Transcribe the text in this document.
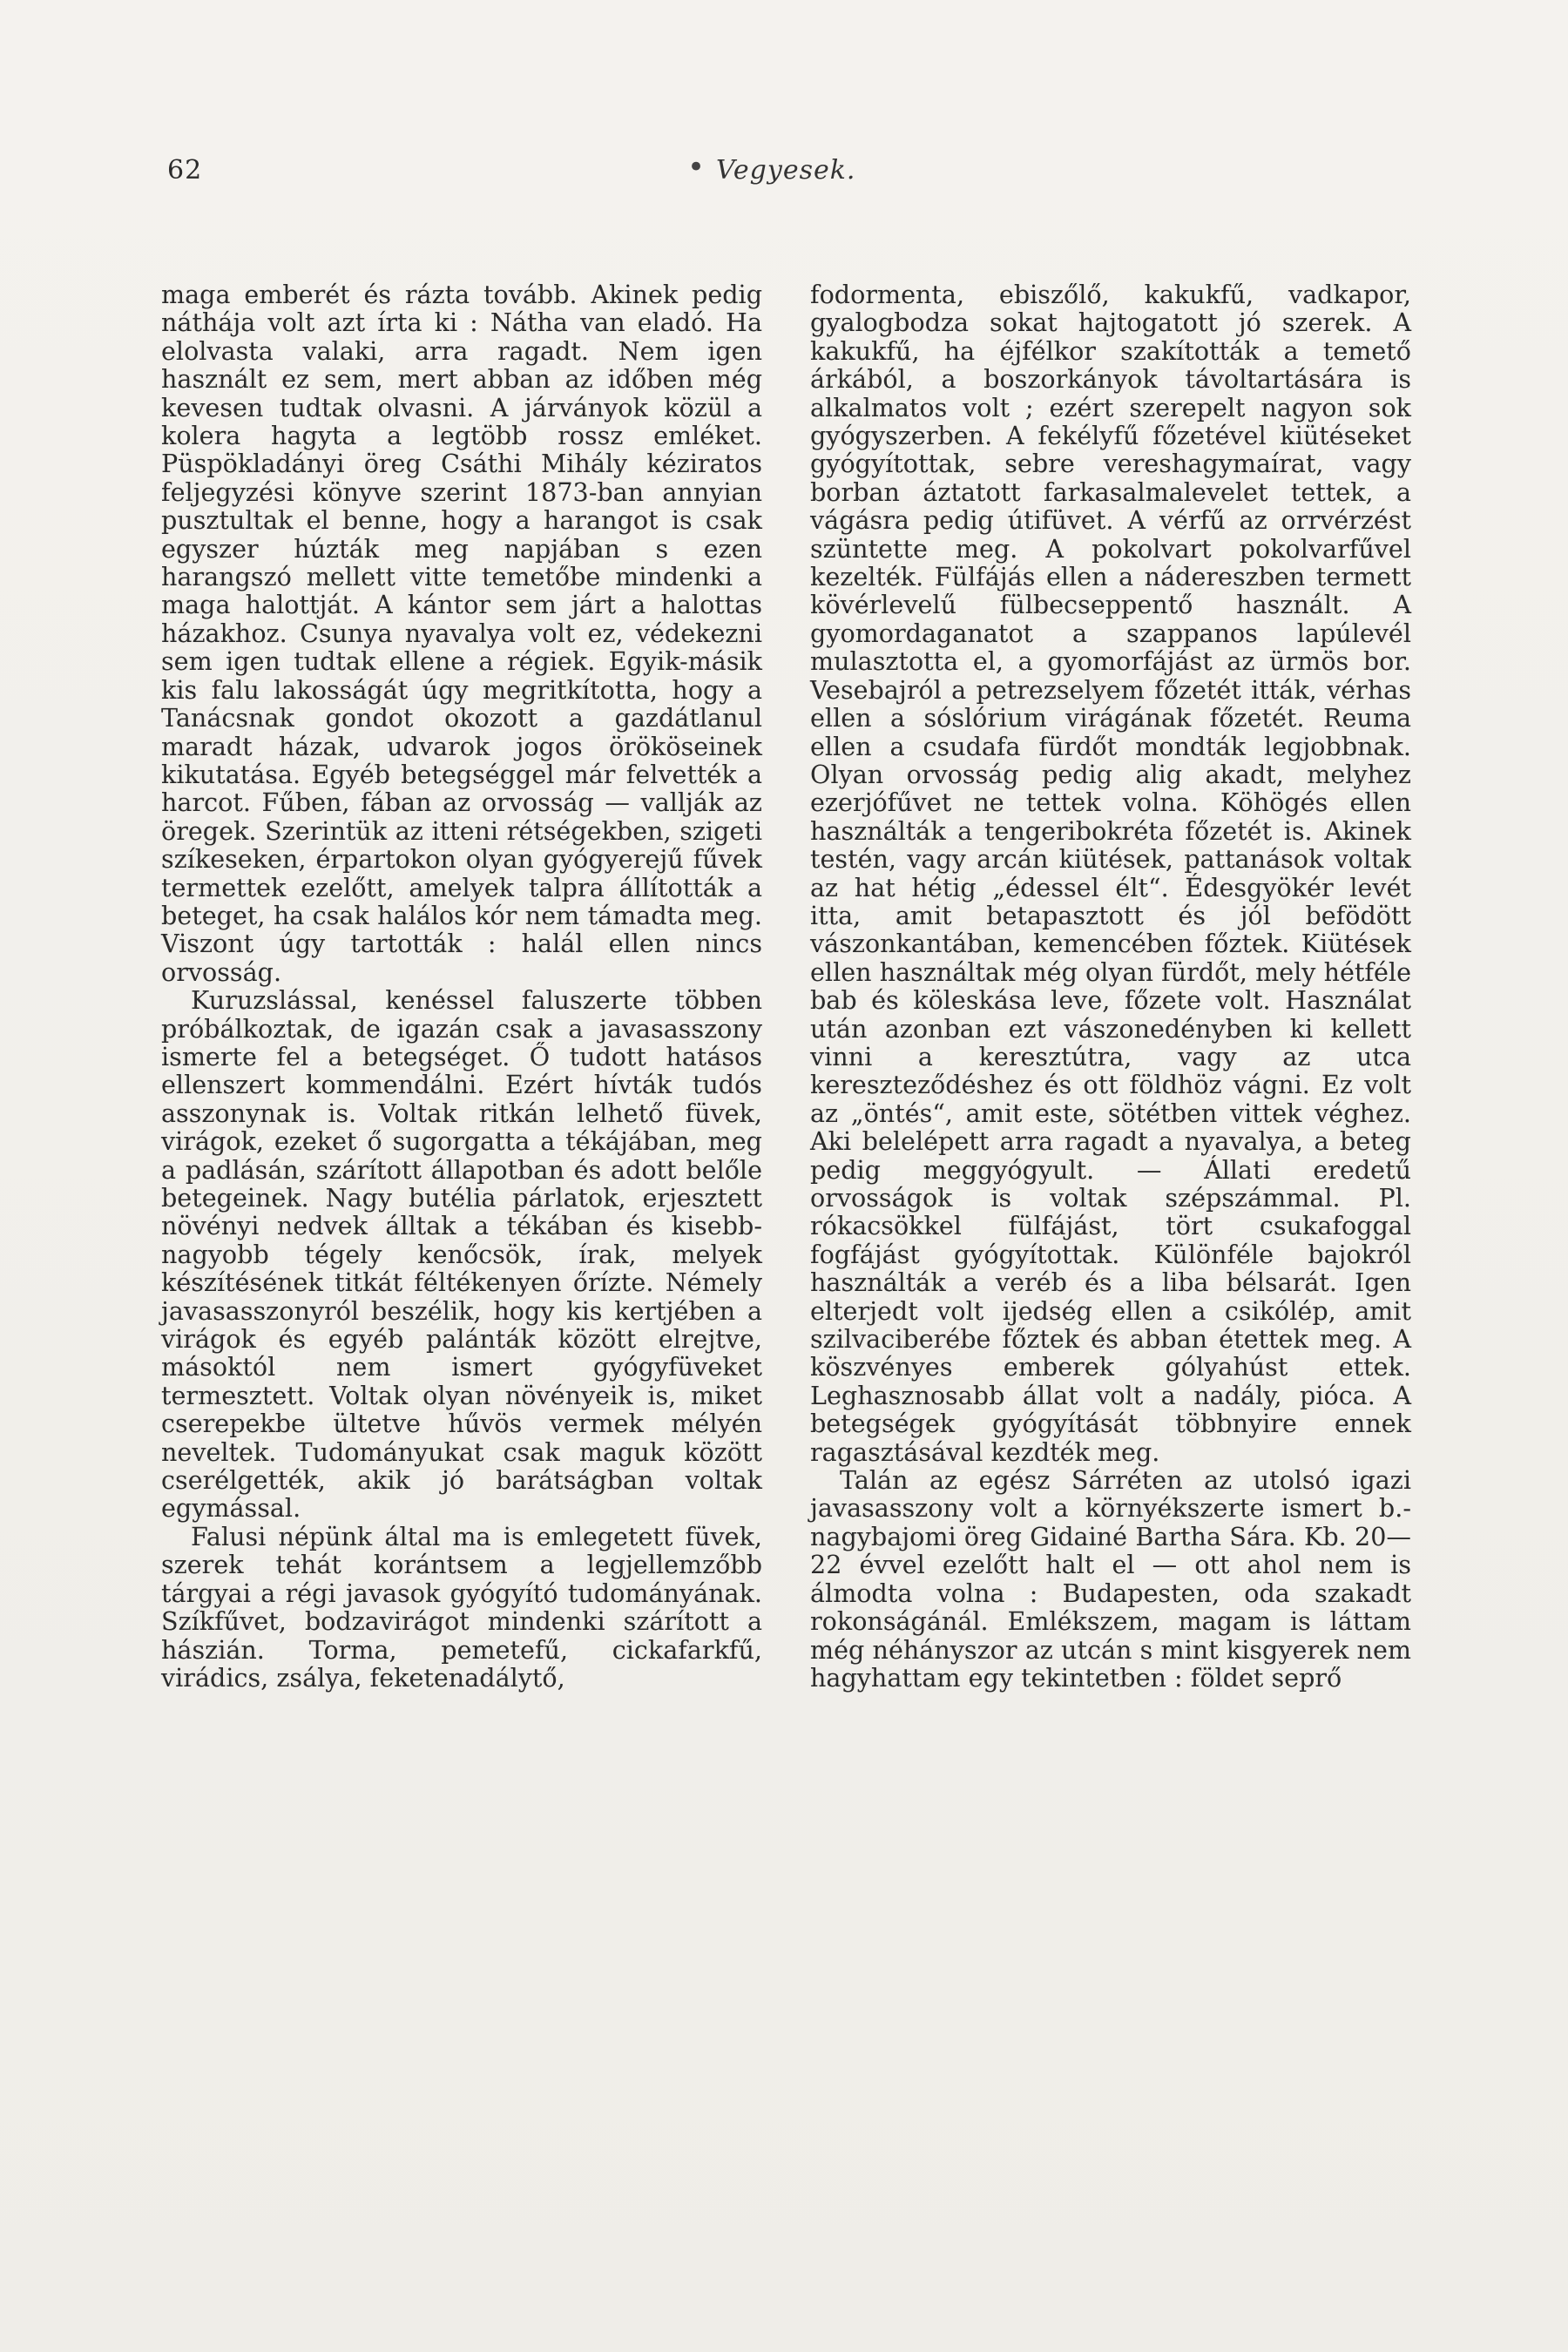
62	• Vegyesek.

maga emberét és rázta tovább. Akinek pedig náthája volt azt írta ki : Nátha van eladó. Ha elolvasta valaki, arra ragadt. Nem igen használt ez sem, mert abban az időben még kevesen tudtak olvasni. A járványok közül a kolera hagyta a legtöbb rossz emléket. Püspökladányi öreg Csáthi Mihály kéziratos feljegyzési könyve szerint 1873-ban annyian pusztultak el benne, hogy a harangot is csak egyszer húzták meg napjában s ezen harangszó mellett vitte temetőbe mindenki a maga halottját. A kántor sem járt a halottas házakhoz. Csunya nyavalya volt ez, védekezni sem igen tudtak ellene a régiek. Egyik-másik kis falu lakosságát úgy megritkította, hogy a Tanácsnak gondot okozott a gazdátlanul maradt házak, udvarok jogos örököseinek kikutatása. Egyéb betegséggel már felvették a harcot. Fűben, fában az orvosság — vallják az öregek. Szerintük az itteni rétségekben, szigeti szíkeseken, érpartokon olyan gyógyerejű fűvek termettek ezelőtt, amelyek talpra állították a beteget, ha csak halálos kór nem támadta meg. Viszont úgy tartották : halál ellen nincs orvosság.

Kuruzslással, kenéssel faluszerte többen próbálkoztak, de igazán csak a javasasszony ismerte fel a betegséget. Ő tudott hatásos ellenszert kommendálni. Ezért hívták tudós asszonynak is. Voltak ritkán lelhető füvek, virágok, ezeket ő sugorgatta a tékájában, meg a padlásán, szárított állapotban és adott belőle betegeinek. Nagy butélia párlatok, erjesztett növényi nedvek álltak a tékában és kisebb-nagyobb tégely kenőcsök, írak, melyek készítésének titkát féltékenyen őrízte. Némely javasasszonyról beszélik, hogy kis kertjében a virágok és egyéb palánták között elrejtve, másoktól nem ismert gyógyfüveket termesztett. Voltak olyan növényeik is, miket cserepekbe ültetve hűvös vermek mélyén neveltek. Tudományukat csak maguk között cserélgették, akik jó barátságban voltak egymással.

Falusi népünk által ma is emlegetett füvek, szerek tehát korántsem a legjellemzőbb tárgyai a régi javasok gyógyító tudományának. Szíkfűvet, bodzavirágot mindenki szárított a hászián. Torma, pemetefű, cickafarkfű, virádics, zsálya, feketenadálytő,

fodormenta, ebiszőlő, kakukfű, vadkapor, gyalogbodza sokat hajtogatott jó szerek. A kakukfű, ha éjfélkor szakították a temető árkából, a boszorkányok távoltartására is alkalmatos volt ; ezért szerepelt nagyon sok gyógyszerben. A fekélyfű főzetével kiütéseket gyógyítottak, sebre vereshagymaírat, vagy borban áztatott farkasalmalevelet tettek, a vágásra pedig útifüvet. A vérfű az orrvérzést szüntette meg. A pokolvart pokolvarfűvel kezelték. Fülfájás ellen a nádereszben termett kövérlevelű fülbecseppentő használt. A gyomordaganatot a szappanos lapúlevél mulasztotta el, a gyomorfájást az ürmös bor. Vesebajról a petrezselyem főzetét itták, vérhas ellen a sóslórium virágának főzetét. Reuma ellen a csudafa fürdőt mondták legjobbnak. Olyan orvosság pedig alig akadt, melyhez ezerjófűvet ne tettek volna. Köhögés ellen használták a tengeribokréta főzetét is. Akinek testén, vagy arcán kiütések, pattanások voltak az hat hétig „édessel élt“. Édesgyökér levét itta, amit betapasztott és jól befödött vászonkantában, kemencében főztek. Kiütések ellen használtak még olyan fürdőt, mely hétféle bab és köleskása leve, főzete volt. Használat után azonban ezt vászonedényben ki kellett vinni a keresztútra, vagy az utca kereszteződéshez és ott földhöz vágni. Ez volt az „öntés“, amit este, sötétben vittek véghez. Aki belelépett arra ragadt a nyavalya, a beteg pedig meggyógyult. — Állati eredetű orvosságok is voltak szépszámmal. Pl. rókacsökkel fülfájást, tört csukafoggal fogfájást gyógyítottak. Különféle bajokról használták a veréb és a liba bélsarát. Igen elterjedt volt ijedség ellen a csikólép, amit szilvaciberébe főztek és abban étettek meg. A köszvényes emberek gólyahúst ettek. Leghasznosabb állat volt a nadály, pióca. A betegségek gyógyítását többnyire ennek ragasztásával kezdték meg.

Talán az egész Sárréten az utolsó igazi javasasszony volt a környékszerte ismert b.-nagybajomi öreg Gidainé Bartha Sára. Kb. 20—22 évvel ezelőtt halt el — ott ahol nem is álmodta volna : Budapesten, oda szakadt rokonságánál. Emlékszem, magam is láttam még néhányszor az utcán s mint kisgyerek nem hagyhattam egy tekintetben : földet seprő
